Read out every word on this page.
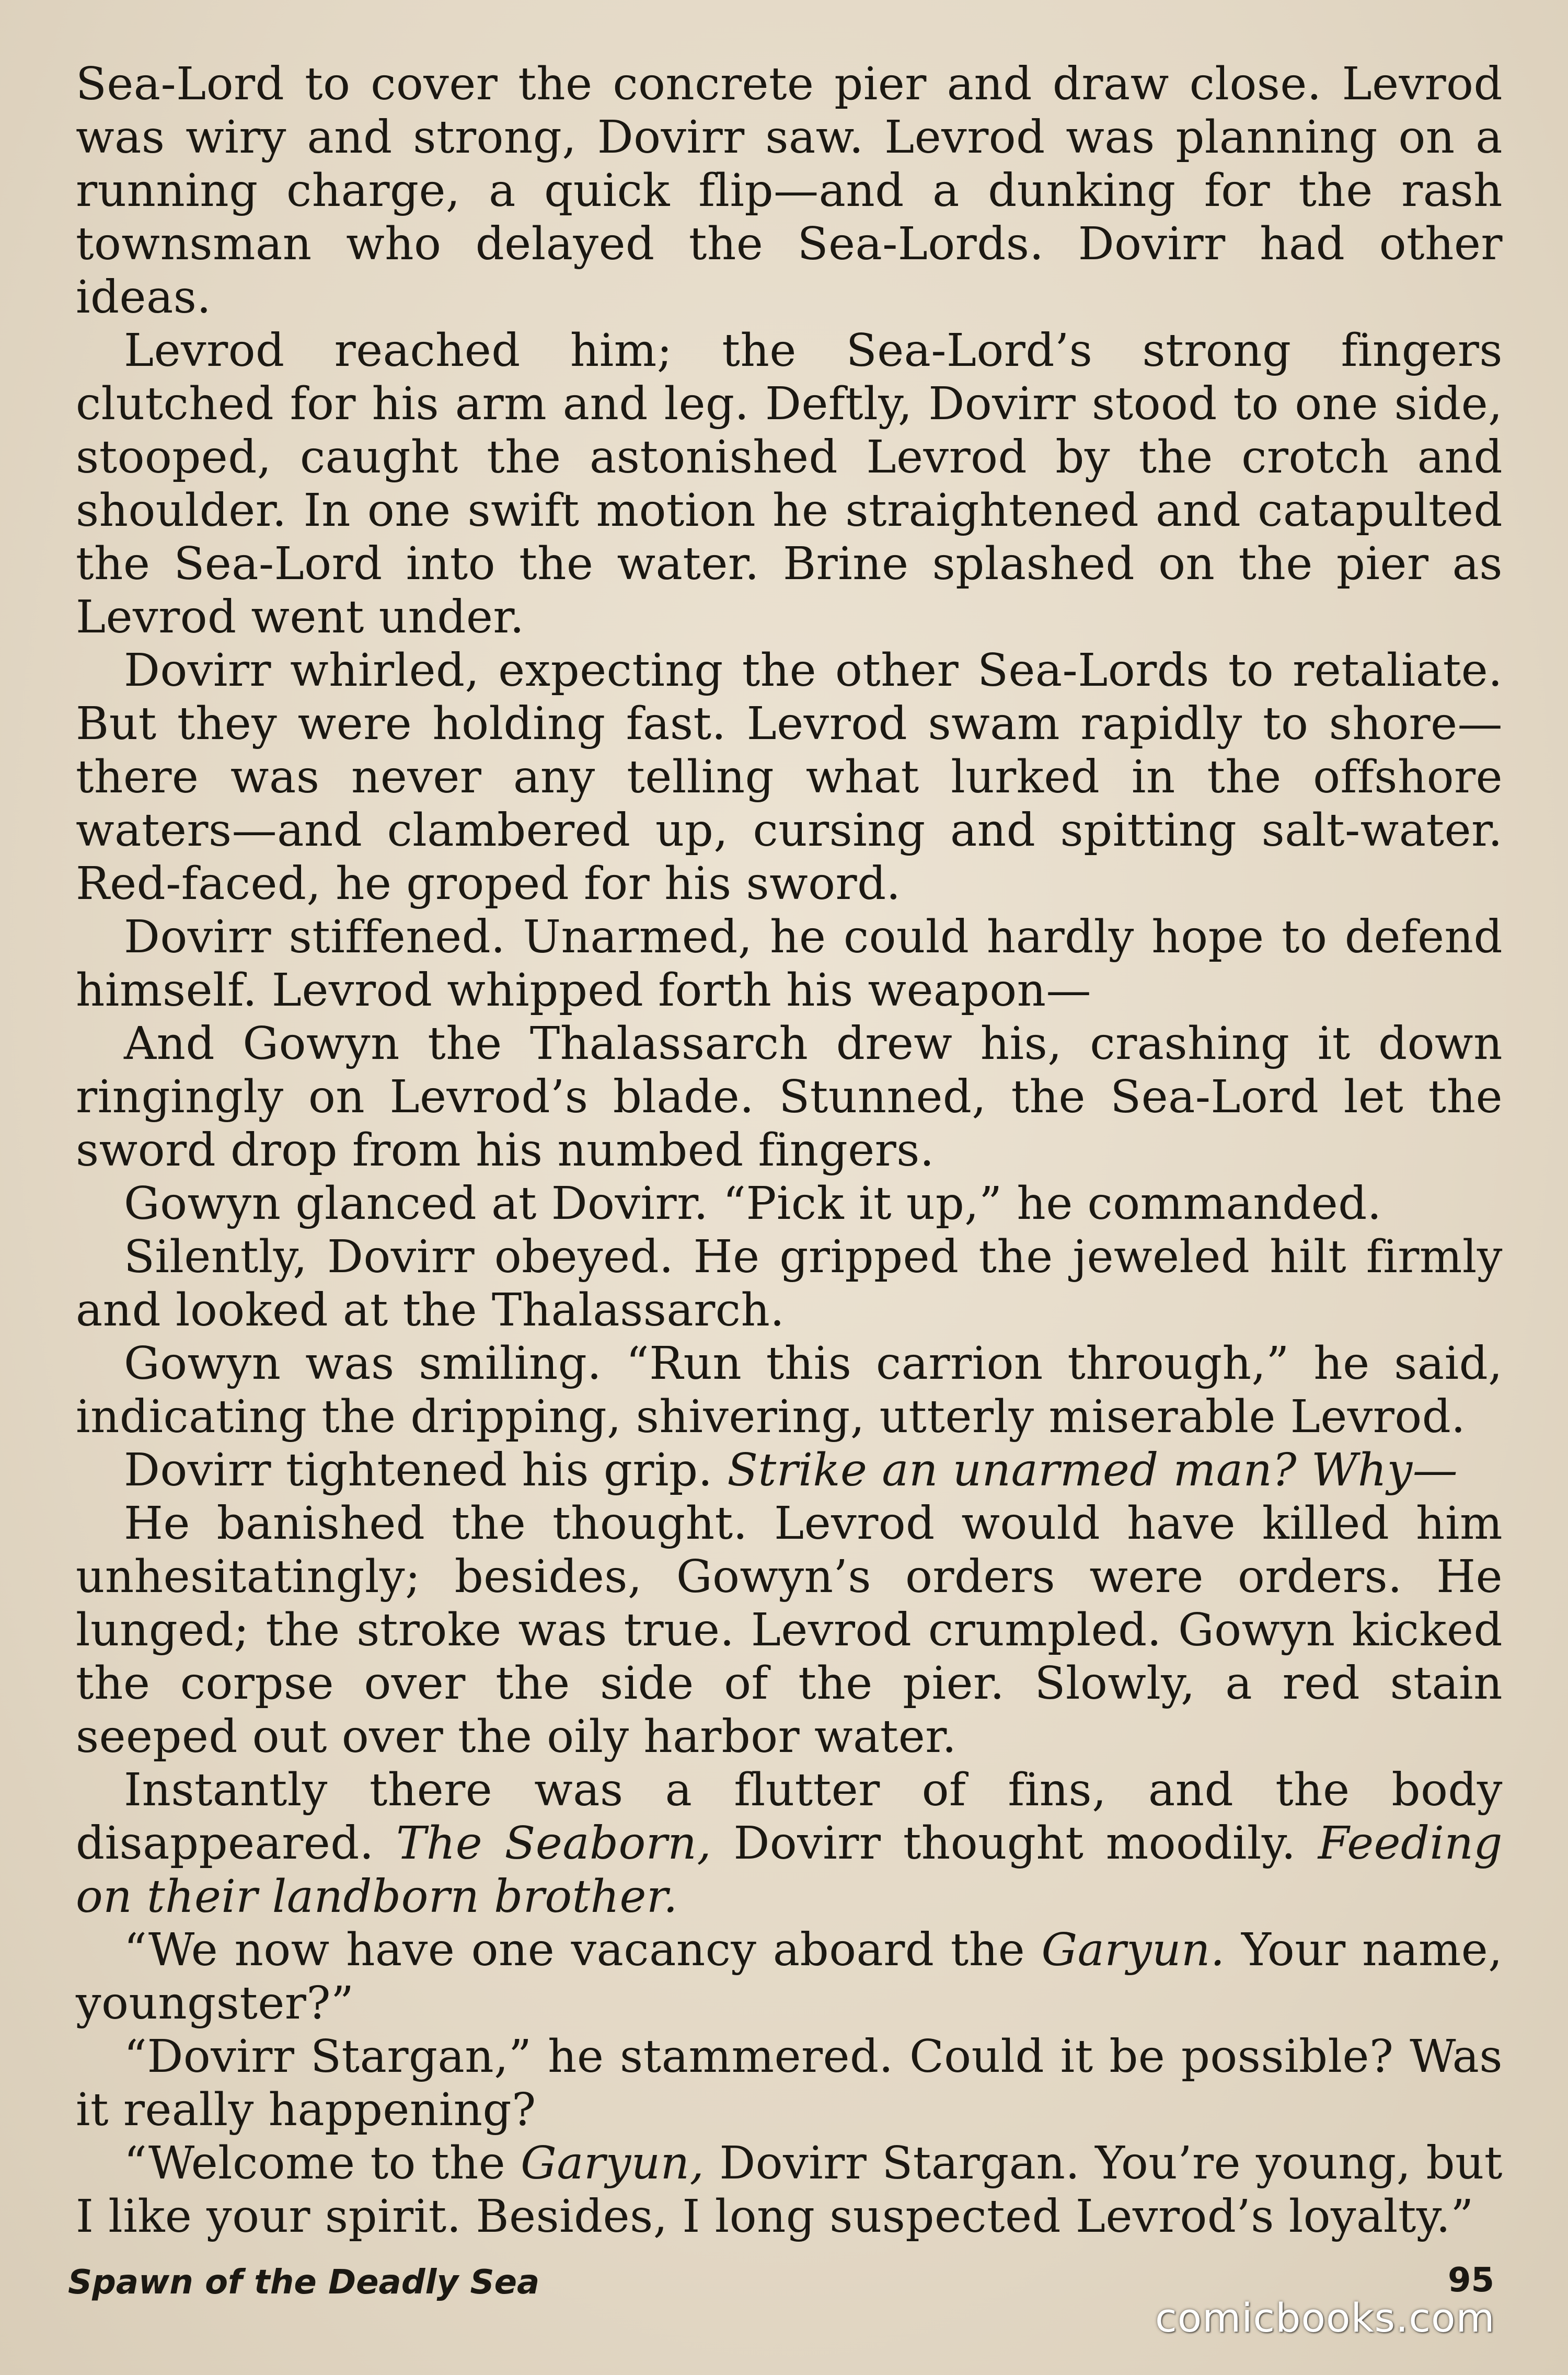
Sea-Lord to cover the concrete pier and draw close. Levrod was wiry and strong, Dovirr saw. Levrod was planning on a running charge, a quick flip—and a dunking for the rash townsman who delayed the Sea-Lords. Dovirr had other ideas.

Levrod reached him; the Sea-Lord’s strong fingers clutched for his arm and leg. Deftly, Dovirr stood to one side, stooped, caught the astonished Levrod by the crotch and shoulder. In one swift motion he straightened and catapulted the Sea-Lord into the water. Brine splashed on the pier as Levrod went under.

Dovirr whirled, expecting the other Sea-Lords to retaliate. But they were holding fast. Levrod swam rapidly to shore—there was never any telling what lurked in the offshore waters—and clambered up, cursing and spitting salt-water. Red-faced, he groped for his sword.

Dovirr stiffened. Unarmed, he could hardly hope to defend himself. Levrod whipped forth his weapon—

And Gowyn the Thalassarch drew his, crashing it down ringingly on Levrod’s blade. Stunned, the Sea-Lord let the sword drop from his numbed fingers.

Gowyn glanced at Dovirr. “Pick it up,” he commanded.

Silently, Dovirr obeyed. He gripped the jeweled hilt firmly and looked at the Thalassarch.

Gowyn was smiling. “Run this carrion through,” he said, indicating the dripping, shivering, utterly miserable Levrod.

Dovirr tightened his grip. Strike an unarmed man? Why—

He banished the thought. Levrod would have killed him unhesitatingly; besides, Gowyn’s orders were orders. He lunged; the stroke was true. Levrod crumpled. Gowyn kicked the corpse over the side of the pier. Slowly, a red stain seeped out over the oily harbor water.

Instantly there was a flutter of fins, and the body disappeared. The Seaborn, Dovirr thought moodily. Feeding on their landborn brother.

“We now have one vacancy aboard the Garyun. Your name, youngster?”

“Dovirr Stargan,” he stammered. Could it be possible? Was it really happening?

“Welcome to the Garyun, Dovirr Stargan. You’re young, but I like your spirit. Besides, I long suspected Levrod’s loyalty.”

Spawn of the Deadly Sea	95
comicbooks.com
